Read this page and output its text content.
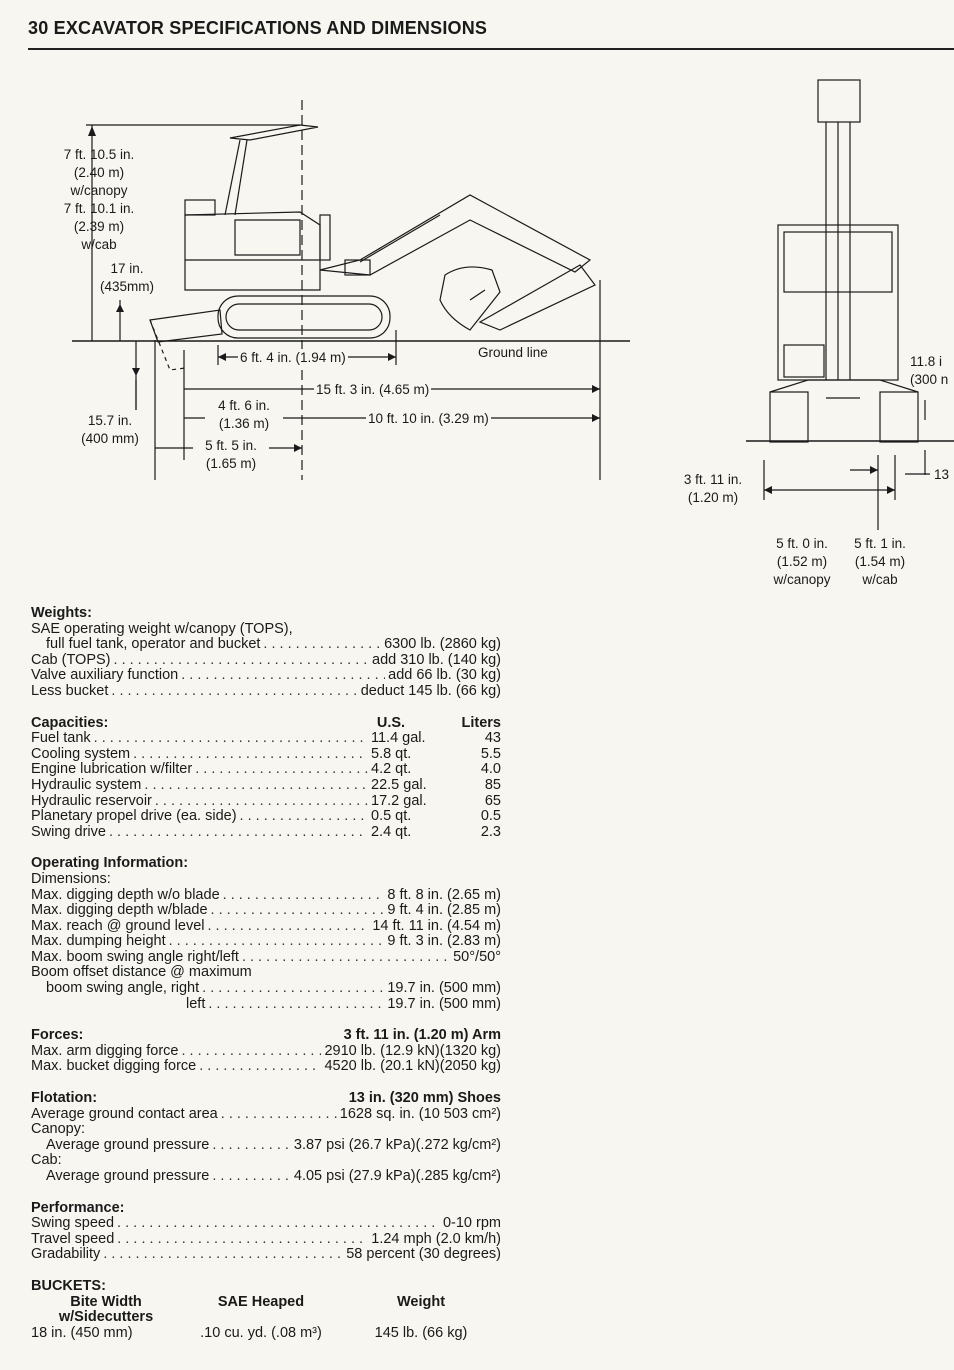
30 EXCAVATOR SPECIFICATIONS AND DIMENSIONS
7 ft. 10.5 in.
(2.40 m)
w/canopy
7 ft. 10.1 in.
(2.39 m)
w/cab
17 in.
(435mm)
Ground line
6 ft. 4 in. (1.94 m)
15 ft. 3 in. (4.65 m)
4 ft. 6 in.
(1.36 m)	10 ft. 10 in. (3.29 m)
5 ft. 5 in.
(1.65 m)
15.7 in.
(400 mm)
11.8 i
(300 n
13
3 ft. 11 in.
(1.20 m)
5 ft. 0 in.
(1.52 m)
w/canopy
5 ft. 1 in.
(1.54 m)
w/cab
Weights:
SAE operating weight w/canopy (TOPS),
full fuel tank, operator and bucket . . .	6300 lb. (2860 kg)
Cab (TOPS) . . .	add 310 lb. (140 kg)
Valve auxiliary function . . .	add 66 lb. (30 kg)
Less bucket . . .	deduct 145 lb. (66 kg)
Capacities:	U.S.	Liters
Fuel tank . . .	11.4 gal.	43
Cooling system . . .	5.8 qt.	5.5
Engine lubrication w/filter . . .	4.2 qt.	4.0
Hydraulic system . . .	22.5 gal.	85
Hydraulic reservoir . . .	17.2 gal.	65
Planetary propel drive (ea. side) . . .	0.5 qt.	0.5
Swing drive . . .	2.4 qt.	2.3
Operating Information:
Dimensions:
Max. digging depth w/o blade . . .	8 ft. 8 in. (2.65 m)
Max. digging depth w/blade . . .	9 ft. 4 in. (2.85 m)
Max. reach @ ground level . . .	14 ft. 11 in. (4.54 m)
Max. dumping height . . .	9 ft. 3 in. (2.83 m)
Max. boom swing angle right/left . . .	50°/50°
Boom offset distance @ maximum
boom swing angle, right . . .	19.7 in. (500 mm)
left . . .	19.7 in. (500 mm)
Forces:	3 ft. 11 in. (1.20 m) Arm
Max. arm digging force . . .	2910 lb. (12.9 kN)(1320 kg)
Max. bucket digging force . . .	4520 lb. (20.1 kN)(2050 kg)
Flotation:	13 in. (320 mm) Shoes
Average ground contact area . . .	1628 sq. in. (10 503 cm²)
Canopy:
Average ground pressure . . .	3.87 psi (26.7 kPa)(.272 kg/cm²)
Cab:
Average ground pressure . . .	4.05 psi (27.9 kPa)(.285 kg/cm²)
Performance:
Swing speed . . .	0-10 rpm
Travel speed . . .	1.24 mph (2.0 km/h)
Gradability . . .	58 percent (30 degrees)
BUCKETS:
Bite Width
w/Sidecutters
SAE Heaped	Weight
18 in. (450 mm)	.10 cu. yd. (.08 m³)	145 lb. (66 kg)
